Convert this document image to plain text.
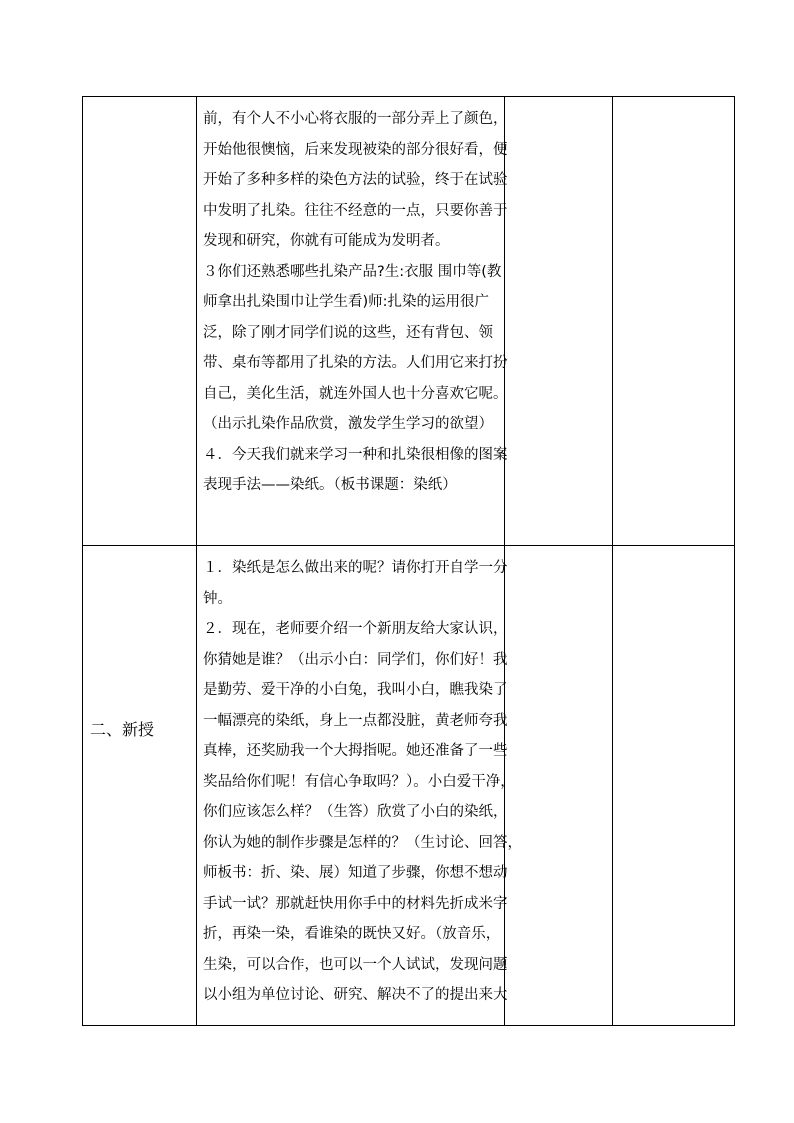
前，有个人不小心将衣服的一部分弄上了颜色，

开始他很懊恼，后来发现被染的部分很好看，便

开始了多种多样的染色方法的试验，终于在试验

中发明了扎染。往往不经意的一点，只要你善于

发现和研究，你就有可能成为发明者。

３你们还熟悉哪些扎染产品?生:衣服 围巾等(教

师拿出扎染围巾让学生看)师:扎染的运用很广

泛，除了刚才同学们说的这些，还有背包、领

带、桌布等都用了扎染的方法。人们用它来打扮

自己，美化生活，就连外国人也十分喜欢它呢。

（出示扎染作品欣赏，激发学生学习的欲望）

４．今天我们就来学习一种和扎染很相像的图案

表现手法——染纸。（板书课题：染纸）

二、新授

１．染纸是怎么做出来的呢？请你打开自学一分

钟。

２．现在，老师要介绍一个新朋友给大家认识，

你猜她是谁？（出示小白：同学们，你们好！我

是勤劳、爱干净的小白兔，我叫小白，瞧我染了

一幅漂亮的染纸，身上一点都没脏，黄老师夸我

真棒，还奖励我一个大拇指呢。她还准备了一些

奖品给你们呢！有信心争取吗？）。小白爱干净，

你们应该怎么样？（生答）欣赏了小白的染纸，

你认为她的制作步骤是怎样的？（生讨论、回答，

师板书：折、染、展）知道了步骤，你想不想动

手试一试？那就赶快用你手中的材料先折成米字

折，再染一染，看谁染的既快又好。（放音乐，

生染，可以合作，也可以一个人试试，发现问题

以小组为单位讨论、研究、解决不了的提出来大
